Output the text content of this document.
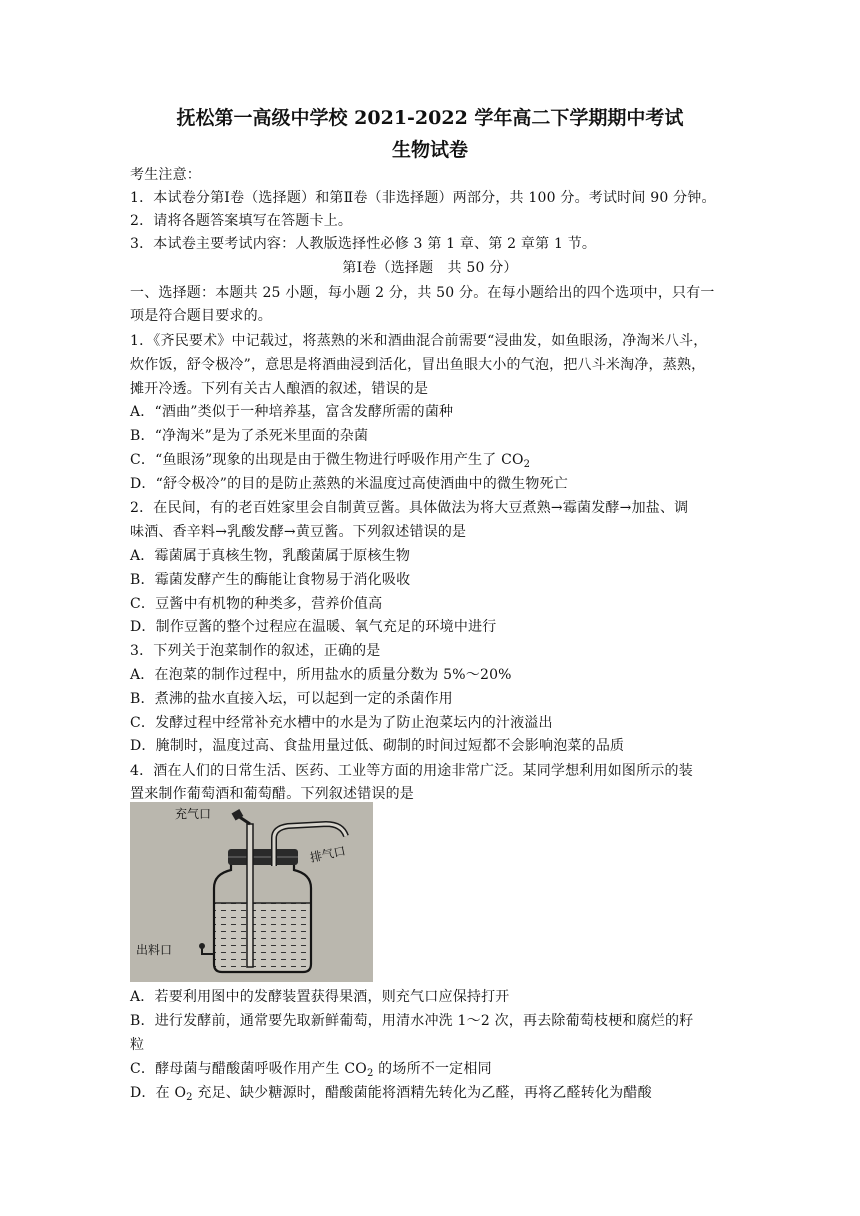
抚松第一高级中学校 2021-2022 学年高二下学期期中考试
生物试卷
考生注意：
1．本试卷分第Ⅰ卷（选择题）和第Ⅱ卷（非选择题）两部分，共 100 分。考试时间 90 分钟。
2．请将各题答案填写在答题卡上。
3．本试卷主要考试内容：人教版选择性必修 3 第 1 章、第 2 章第 1 节。
第Ⅰ卷（选择题　共 50 分）
一、选择题：本题共 25 小题，每小题 2 分，共 50 分。在每小题给出的四个选项中，只有一
项是符合题目要求的。
1．《齐民要术》中记载过，将蒸熟的米和酒曲混合前需要“浸曲发，如鱼眼汤，净淘米八斗，
炊作饭，舒令极冷”，意思是将酒曲浸到活化，冒出鱼眼大小的气泡，把八斗米淘净，蒸熟，
摊开冷透。下列有关古人酿酒的叙述，错误的是
A．“酒曲”类似于一种培养基，富含发酵所需的菌种
B．“净淘米”是为了杀死米里面的杂菌
C．“鱼眼汤”现象的出现是由于微生物进行呼吸作用产生了 $CO_2$
D．“舒令极冷”的目的是防止蒸熟的米温度过高使酒曲中的微生物死亡
2．在民间，有的老百姓家里会自制黄豆酱。具体做法为将大豆煮熟→霉菌发酵→加盐、调
味酒、香辛料→乳酸发酵→黄豆酱。下列叙述错误的是
A．霉菌属于真核生物，乳酸菌属于原核生物
B．霉菌发酵产生的酶能让食物易于消化吸收
C．豆酱中有机物的种类多，营养价值高
D．制作豆酱的整个过程应在温暖、氧气充足的环境中进行
3．下列关于泡菜制作的叙述，正确的是
A．在泡菜的制作过程中，所用盐水的质量分数为 5%～20%
B．煮沸的盐水直接入坛，可以起到一定的杀菌作用
C．发酵过程中经常补充水槽中的水是为了防止泡菜坛内的汁液溢出
D．腌制时，温度过高、食盐用量过低、砌制的时间过短都不会影响泡菜的品质
4．酒在人们的日常生活、医药、工业等方面的用途非常广泛。某同学想利用如图所示的装
置来制作葡萄酒和葡萄醋。下列叙述错误的是
充气口
排气口
出料口
A．若要利用图中的发酵装置获得果酒，则充气口应保持打开
B．进行发酵前，通常要先取新鲜葡萄，用清水冲洗 1～2 次，再去除葡萄枝梗和腐烂的籽
粒
C．酵母菌与醋酸菌呼吸作用产生 $CO_2$ 的场所不一定相同
D．在 $O_2$ 充足、缺少糖源时，醋酸菌能将酒精先转化为乙醛，再将乙醛转化为醋酸
